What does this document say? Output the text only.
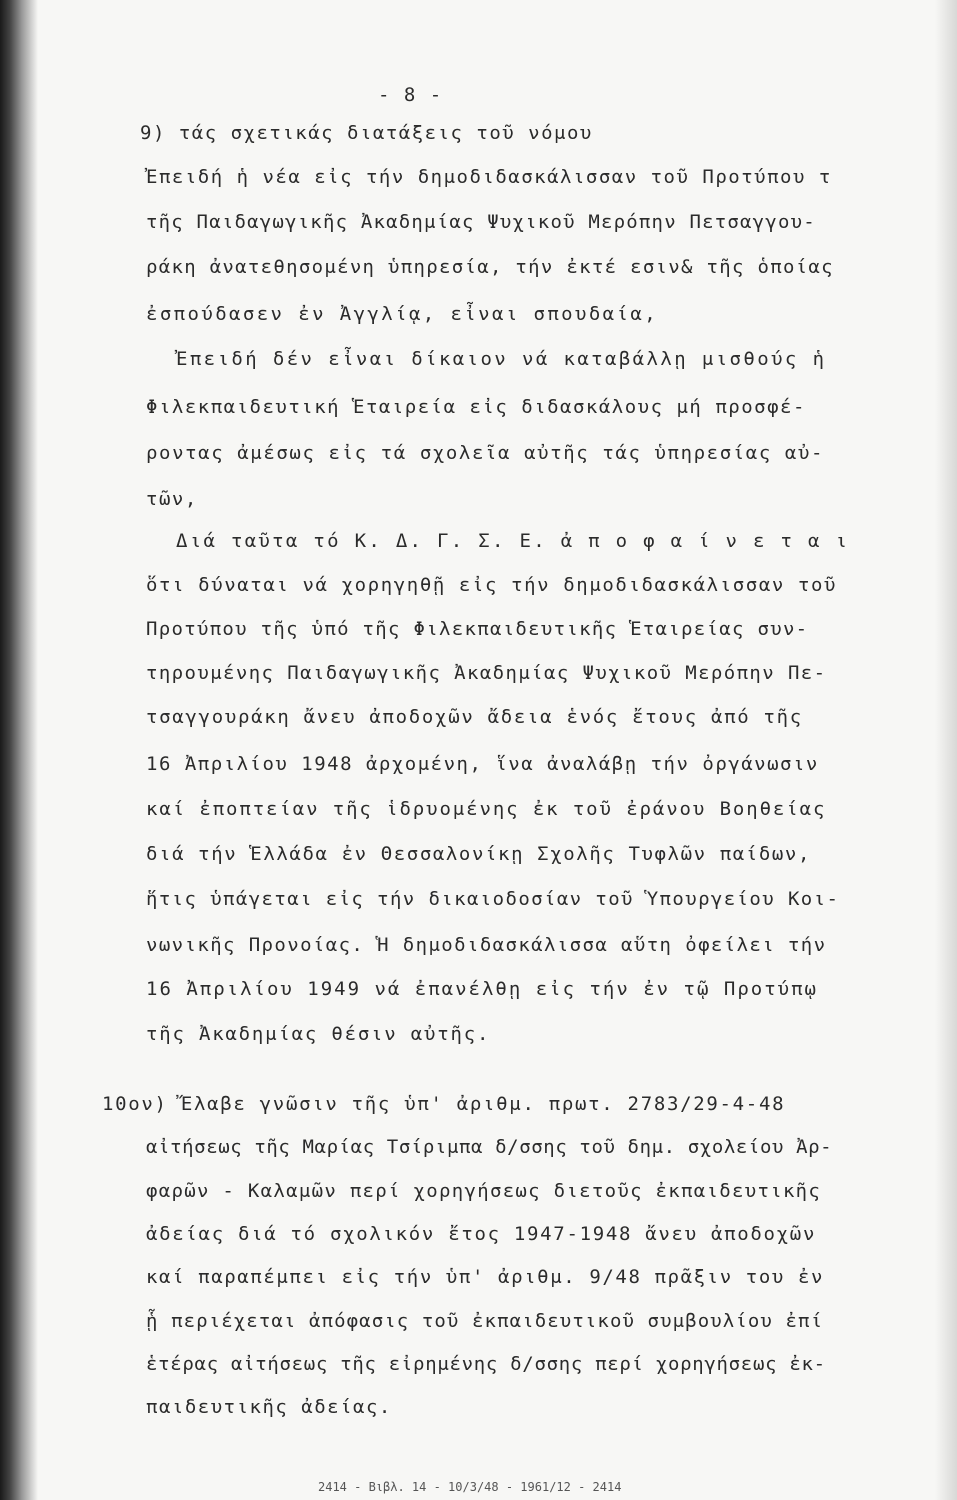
- 8 -
9) τάς σχετικάς διατάξεις τοῦ νόμου
Ἐπειδή ἡ νέα εἰς τήν δημοδιδασκάλισσαν τοῦ Προτύπου τ
τῆς Παιδαγωγικῆς Ἀκαδημίας Ψυχικοῦ Μερόπην Πετσαγγου-
ράκη ἀνατεθησομένη ὑπηρεσία, τήν ἐκτέ εσιν& τῆς ὁποίας
ἐσπούδασεν ἐν Ἀγγλίᾳ, εἶναι σπουδαία,
Ἐπειδή δέν εἶναι δίκαιον νά καταβάλλῃ μισθούς ἡ
Φιλεκπαιδευτική Ἑταιρεία εἰς διδασκάλους μή προσφέ-
ροντας ἀμέσως εἰς τά σχολεῖα αὐτῆς τάς ὑπηρεσίας αὐ-
τῶν,
Διά ταῦτα τό Κ. Δ. Γ. Σ. Ε. ἀ π ο φ α ί ν ε τ α ι
ὅτι δύναται νά χορηγηθῇ εἰς τήν δημοδιδασκάλισσαν τοῦ
Προτύπου τῆς ὑπό τῆς Φιλεκπαιδευτικῆς Ἑταιρείας συν-
τηρουμένης Παιδαγωγικῆς Ἀκαδημίας Ψυχικοῦ Μερόπην Πε-
τσαγγουράκη ἄνευ ἀποδοχῶν ἄδεια ἑνός ἔτους ἀπό τῆς
16 Ἀπριλίου 1948 ἀρχομένη, ἵνα ἀναλάβῃ τήν ὀργάνωσιν
καί ἐποπτείαν τῆς ἱδρυομένης ἐκ τοῦ ἐράνου Βοηθείας
διά τήν Ἑλλάδα ἐν Θεσσαλονίκῃ Σχολῆς Τυφλῶν παίδων,
ἥτις ὑπάγεται εἰς τήν δικαιοδοσίαν τοῦ Ὑπουργείου Κοι-
νωνικῆς Προνοίας. Ἡ δημοδιδασκάλισσα αὕτη ὀφείλει τήν
16 Ἀπριλίου 1949 νά ἐπανέλθῃ εἰς τήν ἐν τῷ Προτύπῳ
τῆς Ἀκαδημίας θέσιν αὐτῆς.
10ον) Ἔλαβε γνῶσιν τῆς ὑπ' ἀριθμ. πρωτ. 2783/29-4-48
αἰτήσεως τῆς Μαρίας Τσίριμπα δ/σσης τοῦ δημ. σχολείου Ἀρ-
φαρῶν - Καλαμῶν περί χορηγήσεως διετοῦς ἐκπαιδευτικῆς
ἀδείας διά τό σχολικόν ἔτος 1947-1948 ἄνευ ἀποδοχῶν
καί παραπέμπει εἰς τήν ὑπ' ἀριθμ. 9/48 πρᾶξιν του ἐν
ᾗ περιέχεται ἀπόφασις τοῦ ἐκπαιδευτικοῦ συμβουλίου ἐπί
ἑτέρας αἰτήσεως τῆς εἰρημένης δ/σσης περί χορηγήσεως ἐκ-
παιδευτικῆς ἀδείας.
2414 - Βιβλ. 14 - 10/3/48 - 1961/12 - 2414
